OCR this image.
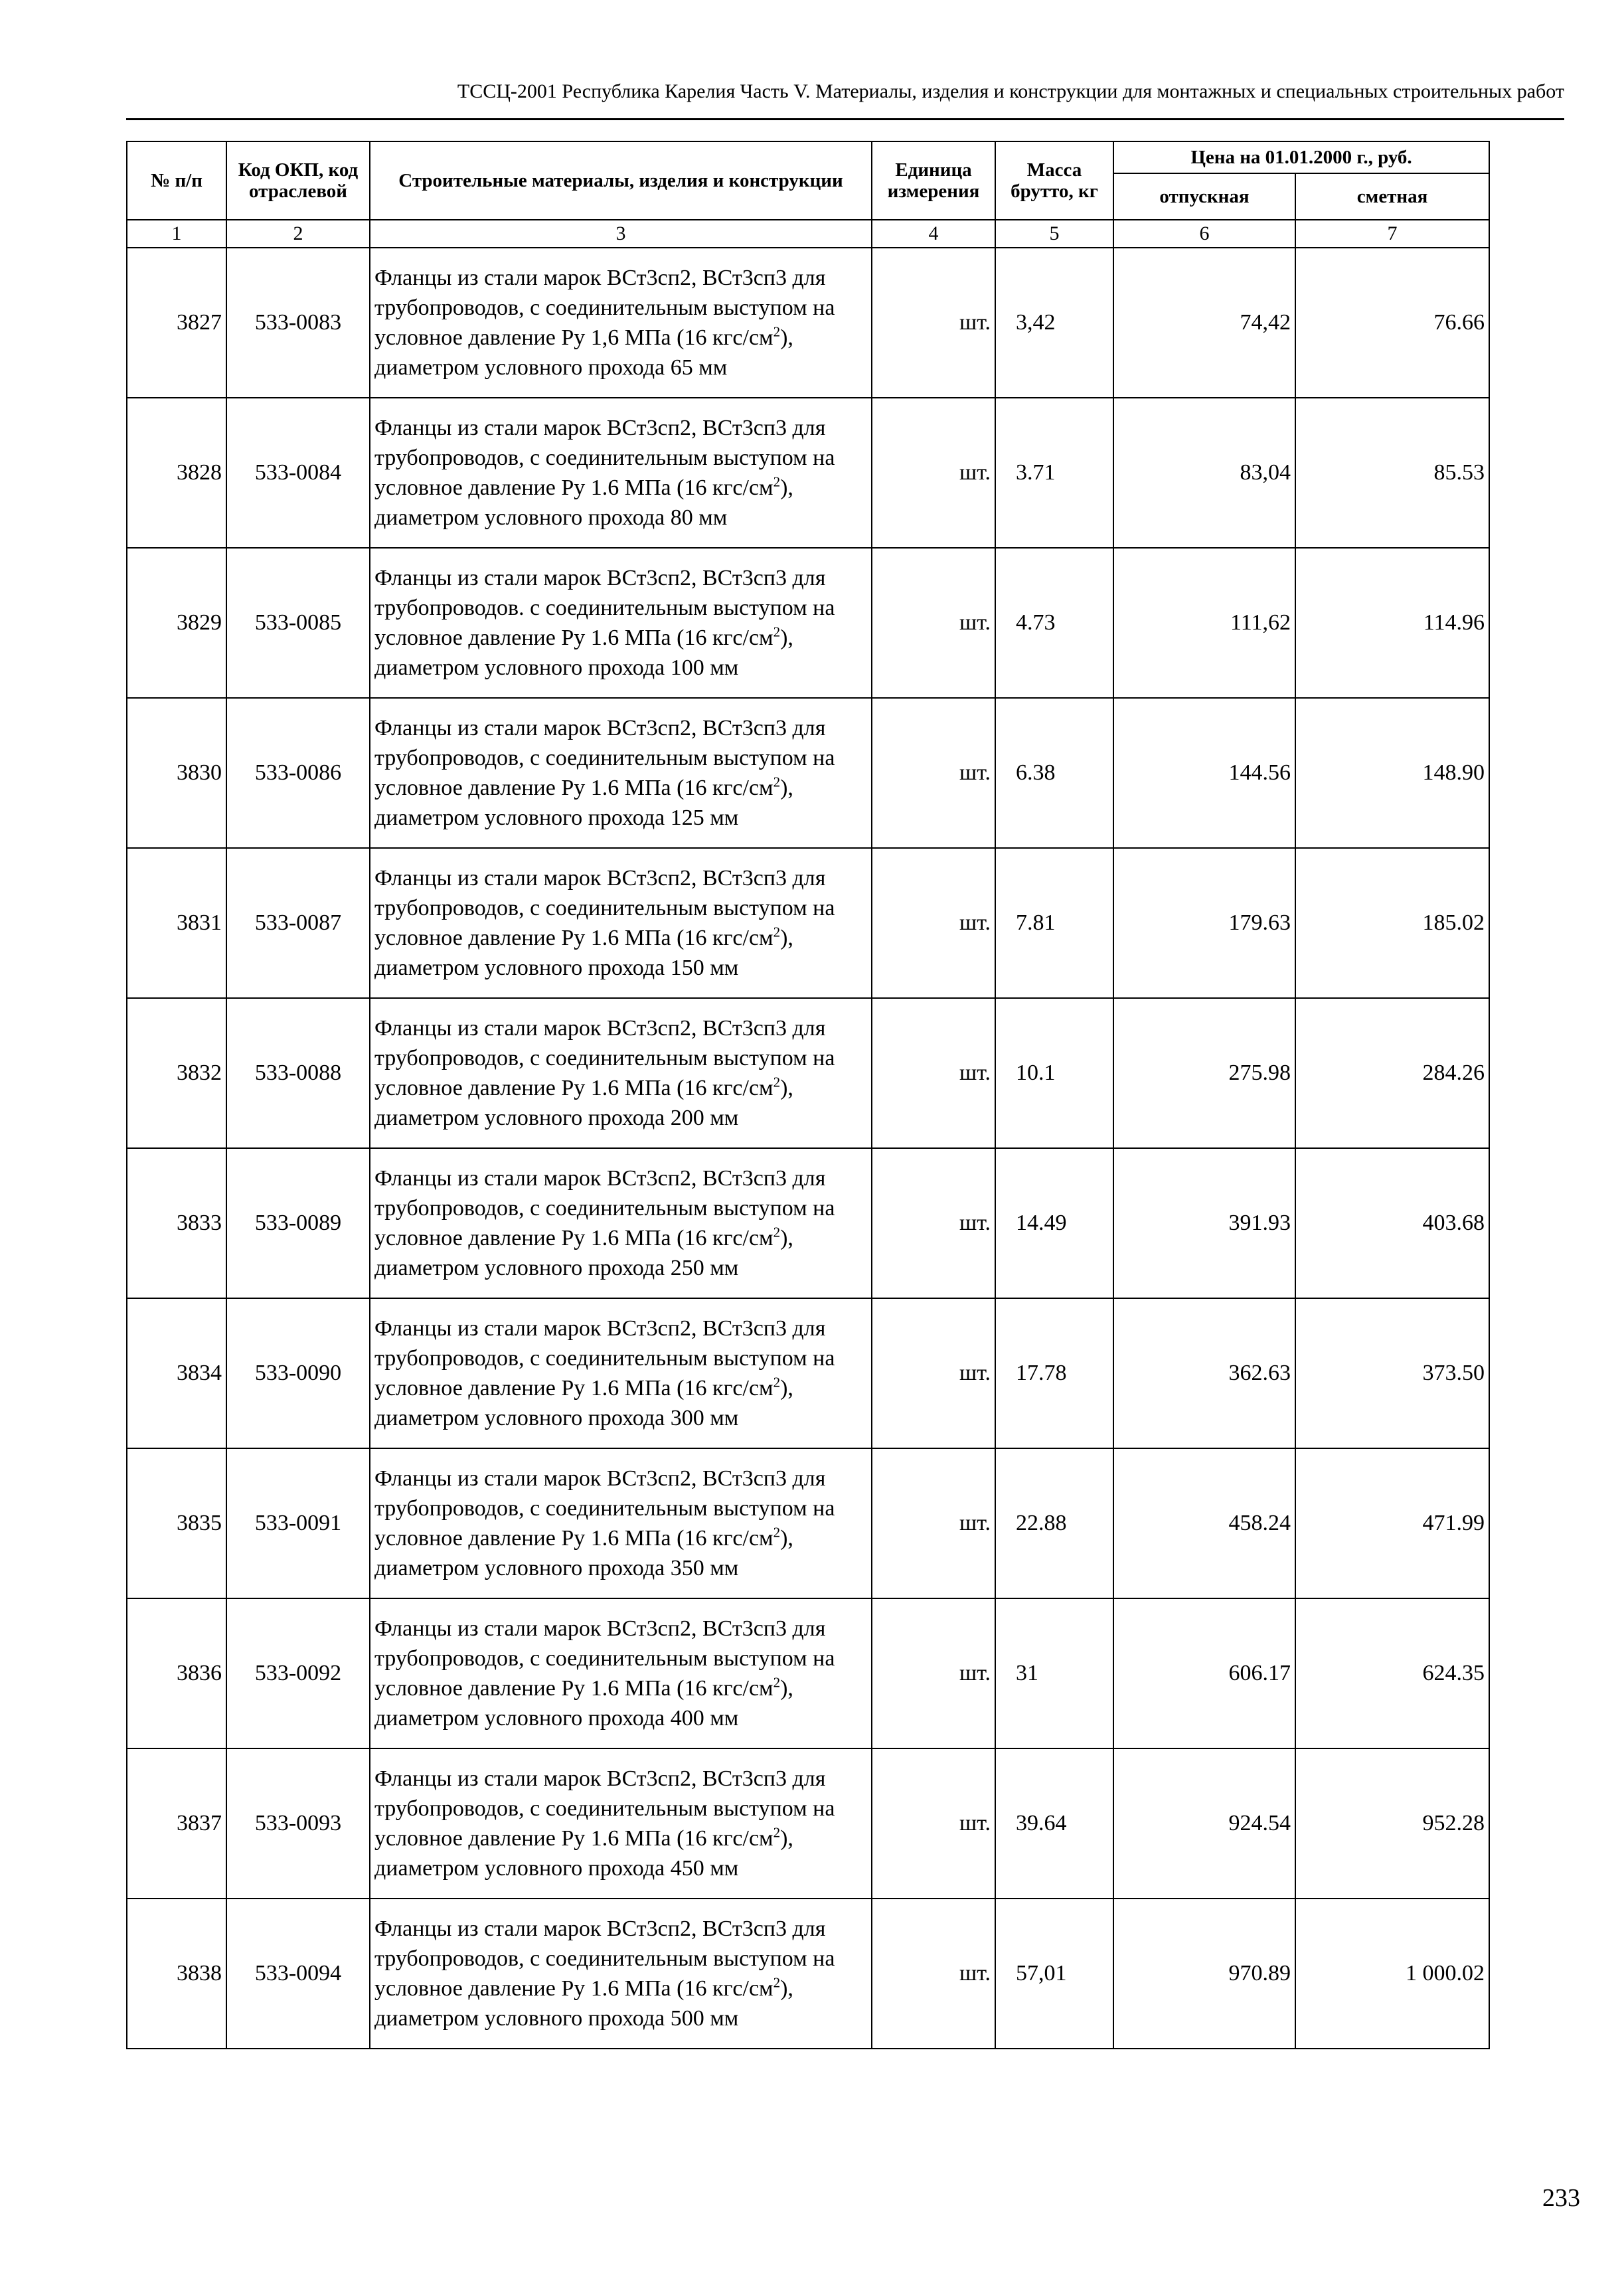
ТССЦ-2001 Республика Карелия Часть V. Материалы, изделия и конструкции для монтажных и специальных строительных работ
№ п/п	Код ОКП, код отраслевой	Строительные материалы, изделия и конструкции	Единица измерения	Масса брутто, кг	Цена на 01.01.2000 г., руб.	
					отпускная	сметная
1	2	3	4	5	6	7
3827	533-0083	Фланцы из стали марок ВСт3сп2, ВСт3сп3 для трубопроводов, с соединительным выступом на условное давление Ру 1,6 МПа (16 кгс/$см^2$), диаметром условного прохода 65 мм	шт.	3,42	74,42	76.66
3828	533-0084	Фланцы из стали марок ВСт3сп2, ВСт3сп3 для трубопроводов, с соединительным выступом на условное давление Ру 1.6 МПа (16 кгс/$см^2$), диаметром условного прохода 80 мм	шт.	3.71	83,04	85.53
3829	533-0085	Фланцы из стали марок ВСт3сп2, ВСт3сп3 для трубопроводов. с соединительным выступом на условное давление Ру 1.6 МПа (16 кгс/$см^2$), диаметром условного прохода 100 мм	шт.	4.73	111,62	114.96
3830	533-0086	Фланцы из стали марок ВСт3сп2, ВСт3сп3 для трубопроводов, с соединительным выступом на условное давление Ру 1.6 МПа (16 кгс/$см^2$), диаметром условного прохода 125 мм	шт.	6.38	144.56	148.90
3831	533-0087	Фланцы из стали марок ВСт3сп2, ВСт3сп3 для трубопроводов, с соединительным выступом на условное давление Ру 1.6 МПа (16 кгс/$см^2$), диаметром условного прохода 150 мм	шт.	7.81	179.63	185.02
3832	533-0088	Фланцы из стали марок ВСт3сп2, ВСт3сп3 для трубопроводов, с соединительным выступом на условное давление Ру 1.6 МПа (16 кгс/$см^2$), диаметром условного прохода 200 мм	шт.	10.1	275.98	284.26
3833	533-0089	Фланцы из стали марок ВСт3сп2, ВСт3сп3 для трубопроводов, с соединительным выступом на условное давление Ру 1.6 МПа (16 кгс/$см^2$), диаметром условного прохода 250 мм	шт.	14.49	391.93	403.68
3834	533-0090	Фланцы из стали марок ВСт3сп2, ВСт3сп3 для трубопроводов, с соединительным выступом на условное давление Ру 1.6 МПа (16 кгс/$см^2$), диаметром условного прохода 300 мм	шт.	17.78	362.63	373.50
3835	533-0091	Фланцы из стали марок ВСт3сп2, ВСт3сп3 для трубопроводов, с соединительным выступом на условное давление Ру 1.6 МПа (16 кгс/$см^2$), диаметром условного прохода 350 мм	шт.	22.88	458.24	471.99
3836	533-0092	Фланцы из стали марок ВСт3сп2, ВСт3сп3 для трубопроводов, с соединительным выступом на условное давление Ру 1.6 МПа (16 кгс/$см^2$), диаметром условного прохода 400 мм	шт.	31	606.17	624.35
3837	533-0093	Фланцы из стали марок ВСт3сп2, ВСт3сп3 для трубопроводов, с соединительным выступом на условное давление Ру 1.6 МПа (16 кгс/$см^2$), диаметром условного прохода 450 мм	шт.	39.64	924.54	952.28
3838	533-0094	Фланцы из стали марок ВСт3сп2, ВСт3сп3 для трубопроводов, с соединительным выступом на условное давление Ру 1.6 МПа (16 кгс/$см^2$), диаметром условного прохода 500 мм	шт.	57,01	970.89	1 000.02
233
